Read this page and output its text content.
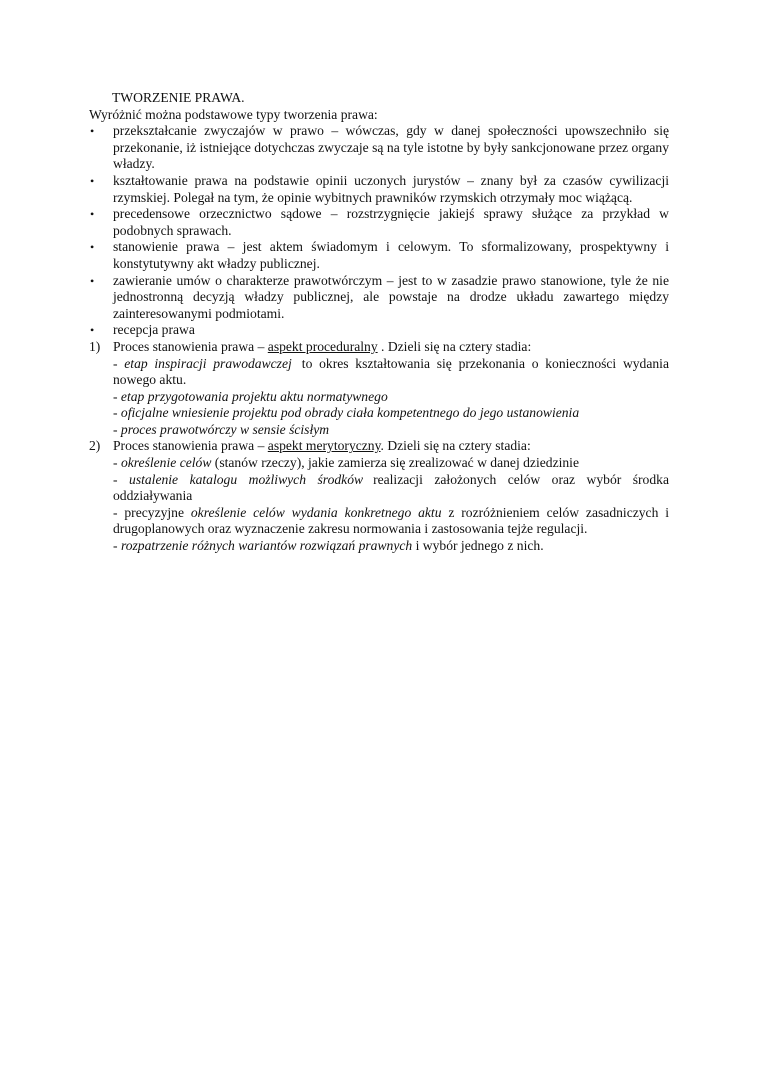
TWORZENIE PRAWA.
Wyróżnić można podstawowe typy tworzenia prawa:
• przekształcanie zwyczajów w prawo – wówczas, gdy w danej społeczności upowszechniło się przekonanie, iż istniejące dotychczas zwyczaje są na tyle istotne by były sankcjonowane przez organy władzy.
• kształtowanie prawa na podstawie opinii uczonych jurystów – znany był za czasów cywilizacji rzymskiej. Polegał na tym, że opinie wybitnych prawników rzymskich otrzymały moc wiążącą.
• precedensowe orzecznictwo sądowe – rozstrzygnięcie jakiejś sprawy służące za przykład w podobnych sprawach.
• stanowienie prawa – jest aktem świadomym i celowym. To sformalizowany, prospektywny i konstytutywny akt władzy publicznej.
• zawieranie umów o charakterze prawotwórczym – jest to w zasadzie prawo stanowione, tyle że nie jednostronną decyzją władzy publicznej, ale powstaje na drodze układu zawartego między zainteresowanymi podmiotami.
• recepcja prawa
1) Proces stanowienia prawa – aspekt proceduralny . Dzieli się na cztery stadia:
- etap inspiracji prawodawczej to okres kształtowania się przekonania o konieczności wydania nowego aktu.
- etap przygotowania projektu aktu normatywnego
- oficjalne wniesienie projektu pod obrady ciała kompetentnego do jego ustanowienia
- proces prawotwórczy w sensie ścisłym
2) Proces stanowienia prawa – aspekt merytoryczny. Dzieli się na cztery stadia:
- określenie celów (stanów rzeczy), jakie zamierza się zrealizować w danej dziedzinie
- ustalenie katalogu możliwych środków realizacji założonych celów oraz wybór środka oddziaływania
- precyzyjne określenie celów wydania konkretnego aktu z rozróżnieniem celów zasadniczych i drugoplanowych oraz wyznaczenie zakresu normowania i zastosowania tejże regulacji.
- rozpatrzenie różnych wariantów rozwiązań prawnych i wybór jednego z nich.
